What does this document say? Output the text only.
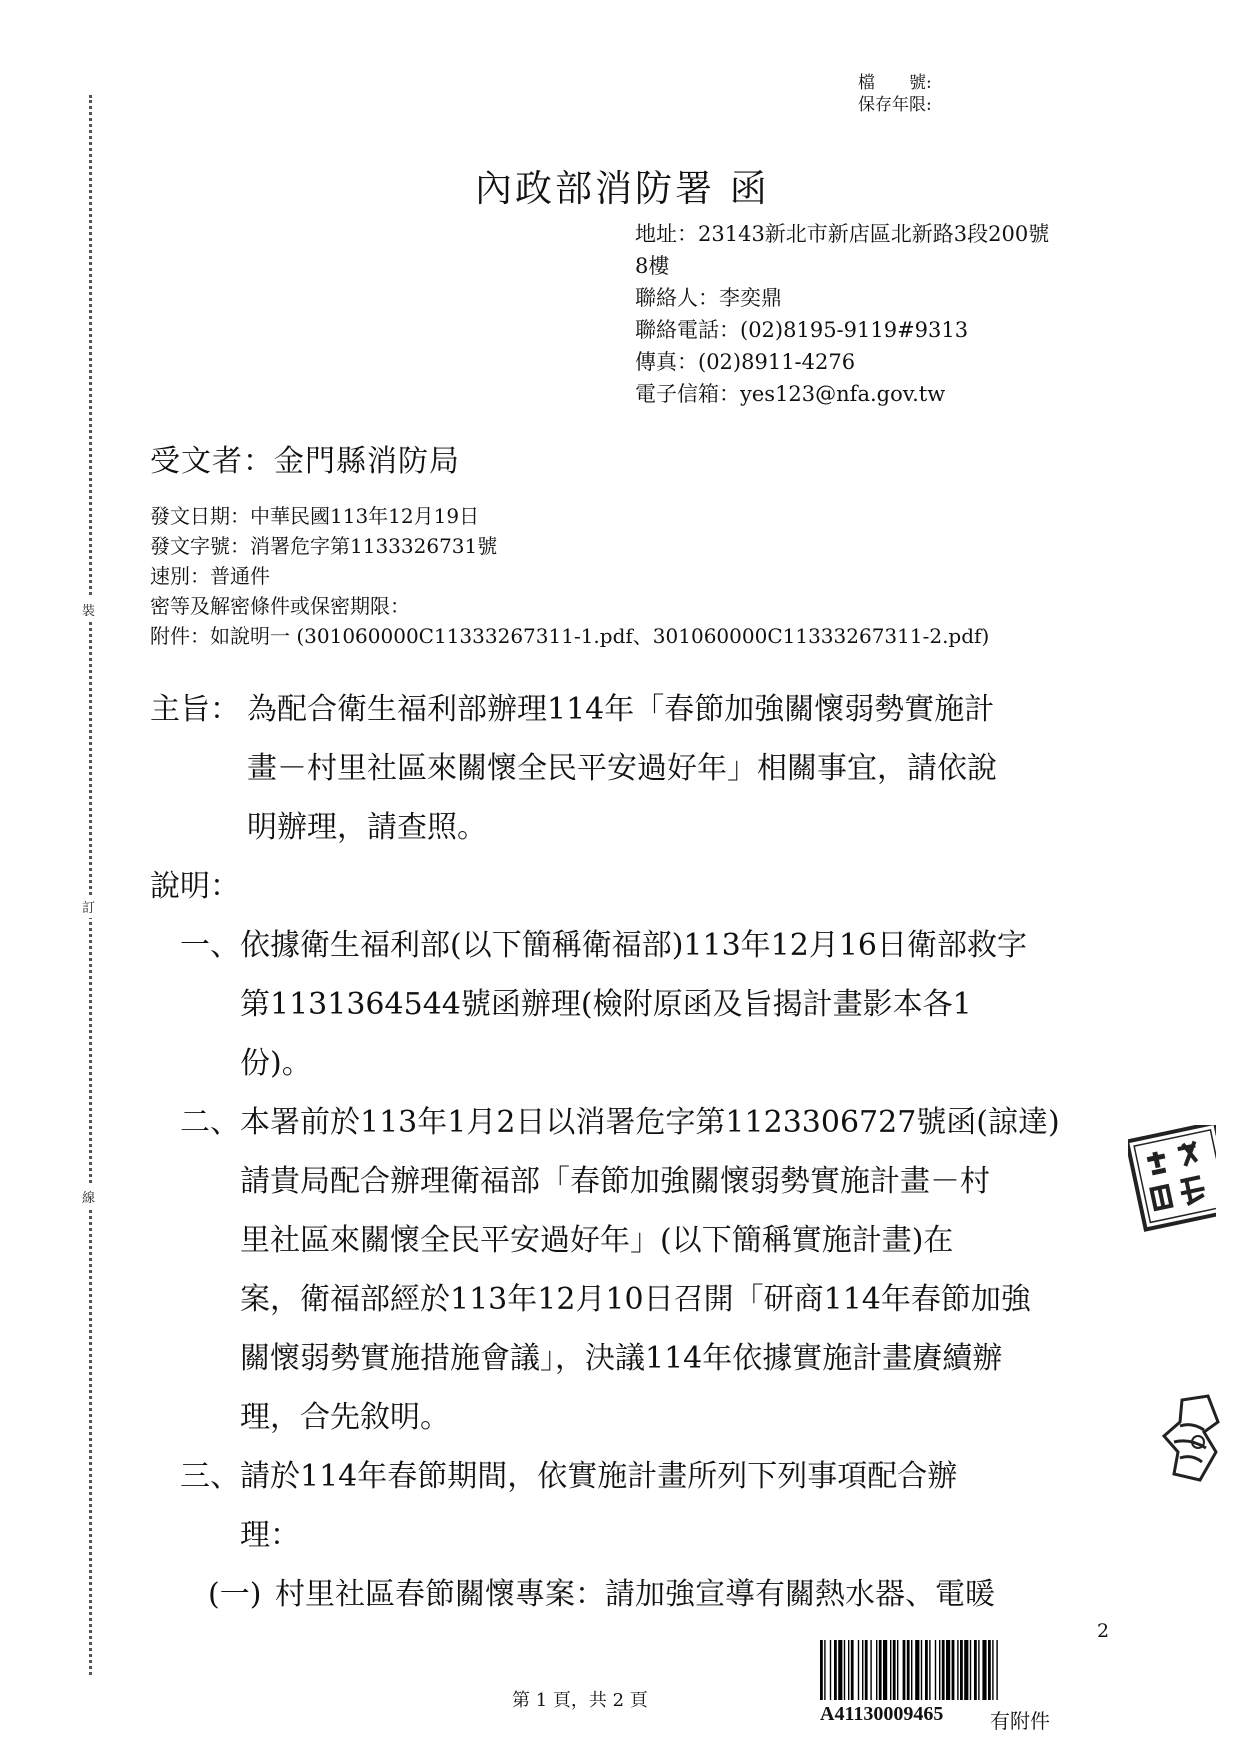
裝
訂
線
檔　　號:
保存年限:
內政部消防署 函
地址：23143新北市新店區北新路3段200號
8樓
聯絡人：李奕鼎
聯絡電話：(02)8195-9119#9313
傳真：(02)8911-4276
電子信箱：yes123@nfa.gov.tw
受文者：金門縣消防局
發文日期：中華民國113年12月19日
發文字號：消署危字第1133326731號
速別：普通件
密等及解密條件或保密期限：
附件：如說明一 (301060000C11333267311-1.pdf、301060000C11333267311-2.pdf)
主旨： 為配合衛生福利部辦理114年「春節加強關懷弱勢實施計
畫－村里社區來關懷全民平安過好年」相關事宜，請依說
明辦理，請查照。
說明：
一、 依據衛生福利部(以下簡稱衛福部)113年12月16日衛部救字
第1131364544號函辦理(檢附原函及旨揭計畫影本各1
份)。
二、 本署前於113年1月2日以消署危字第1123306727號函(諒達)
請貴局配合辦理衛福部「春節加強關懷弱勢實施計畫－村
里社區來關懷全民平安過好年」(以下簡稱實施計畫)在
案，衛福部經於113年12月10日召開「研商114年春節加強
關懷弱勢實施措施會議」，決議114年依據實施計畫賡續辦
理，合先敘明。
三、 請於114年春節期間，依實施計畫所列下列事項配合辦
理：
(一) 村里社區春節關懷專案：請加強宣導有關熱水器、電暖
2
第 1 頁，共 2 頁
A41130009465 有附件
